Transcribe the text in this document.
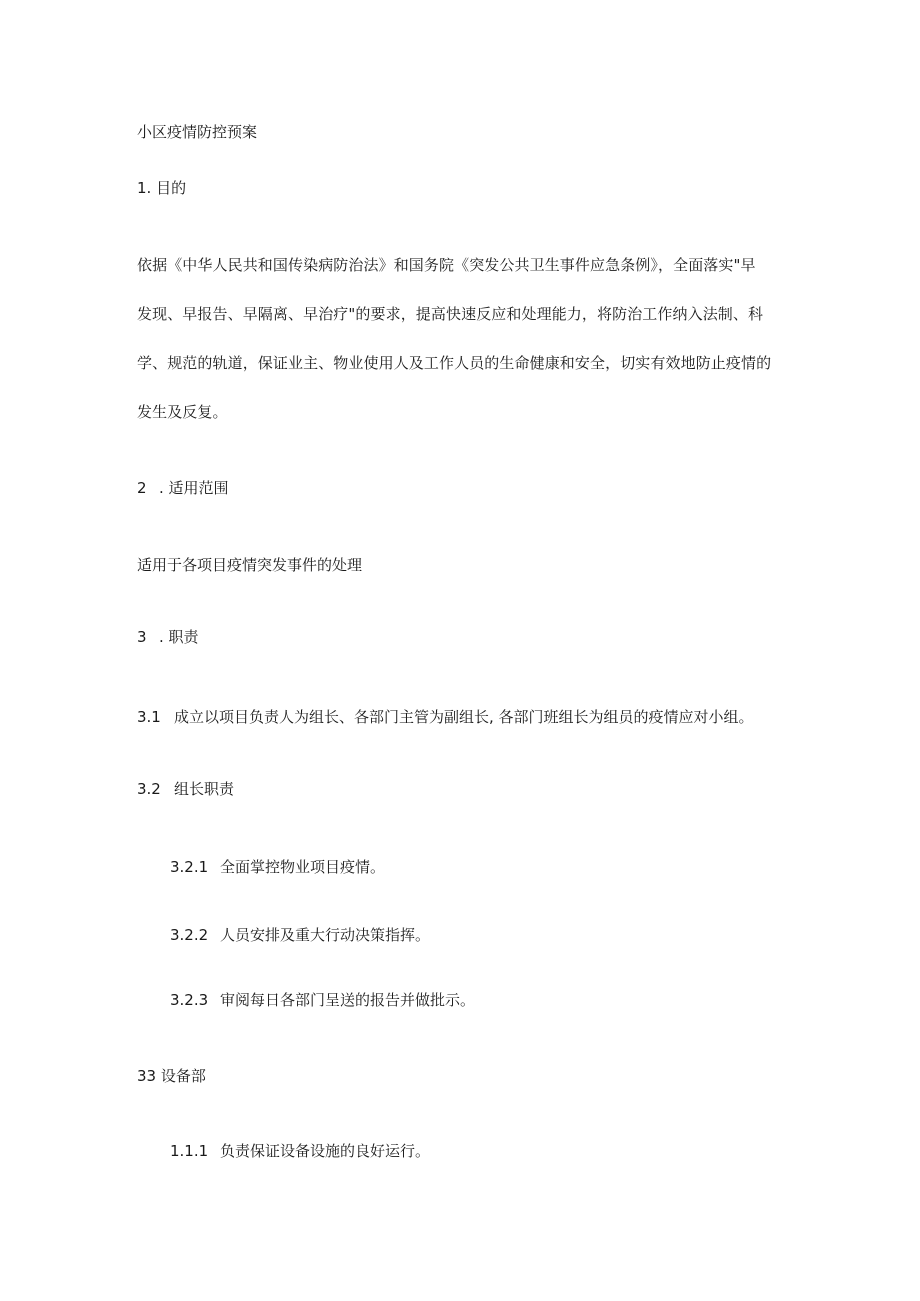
小区疫情防控预案
1. 目的
依据《中华人民共和国传染病防治法》和国务院《突发公共卫生事件应急条例》，全面落实"早
发现、早报告、早隔离、早治疗"的要求，提高快速反应和处理能力，将防治工作纳入法制、科
学、规范的轨道，保证业主、物业使用人及工作人员的生命健康和安全，切实有效地防止疫情的
发生及反复。
2 . 适用范围
适用于各项目疫情突发事件的处理
3 . 职责
3.1 成立以项目负责人为组长、各部门主管为副组长, 各部门班组长为组员的疫情应对小组。
3.2 组长职责
3.2.1 全面掌控物业项目疫情。
3.2.2 人员安排及重大行动决策指挥。
3.2.3 审阅每日各部门呈送的报告并做批示。
33 设备部
1.1.1 负责保证设备设施的良好运行。
